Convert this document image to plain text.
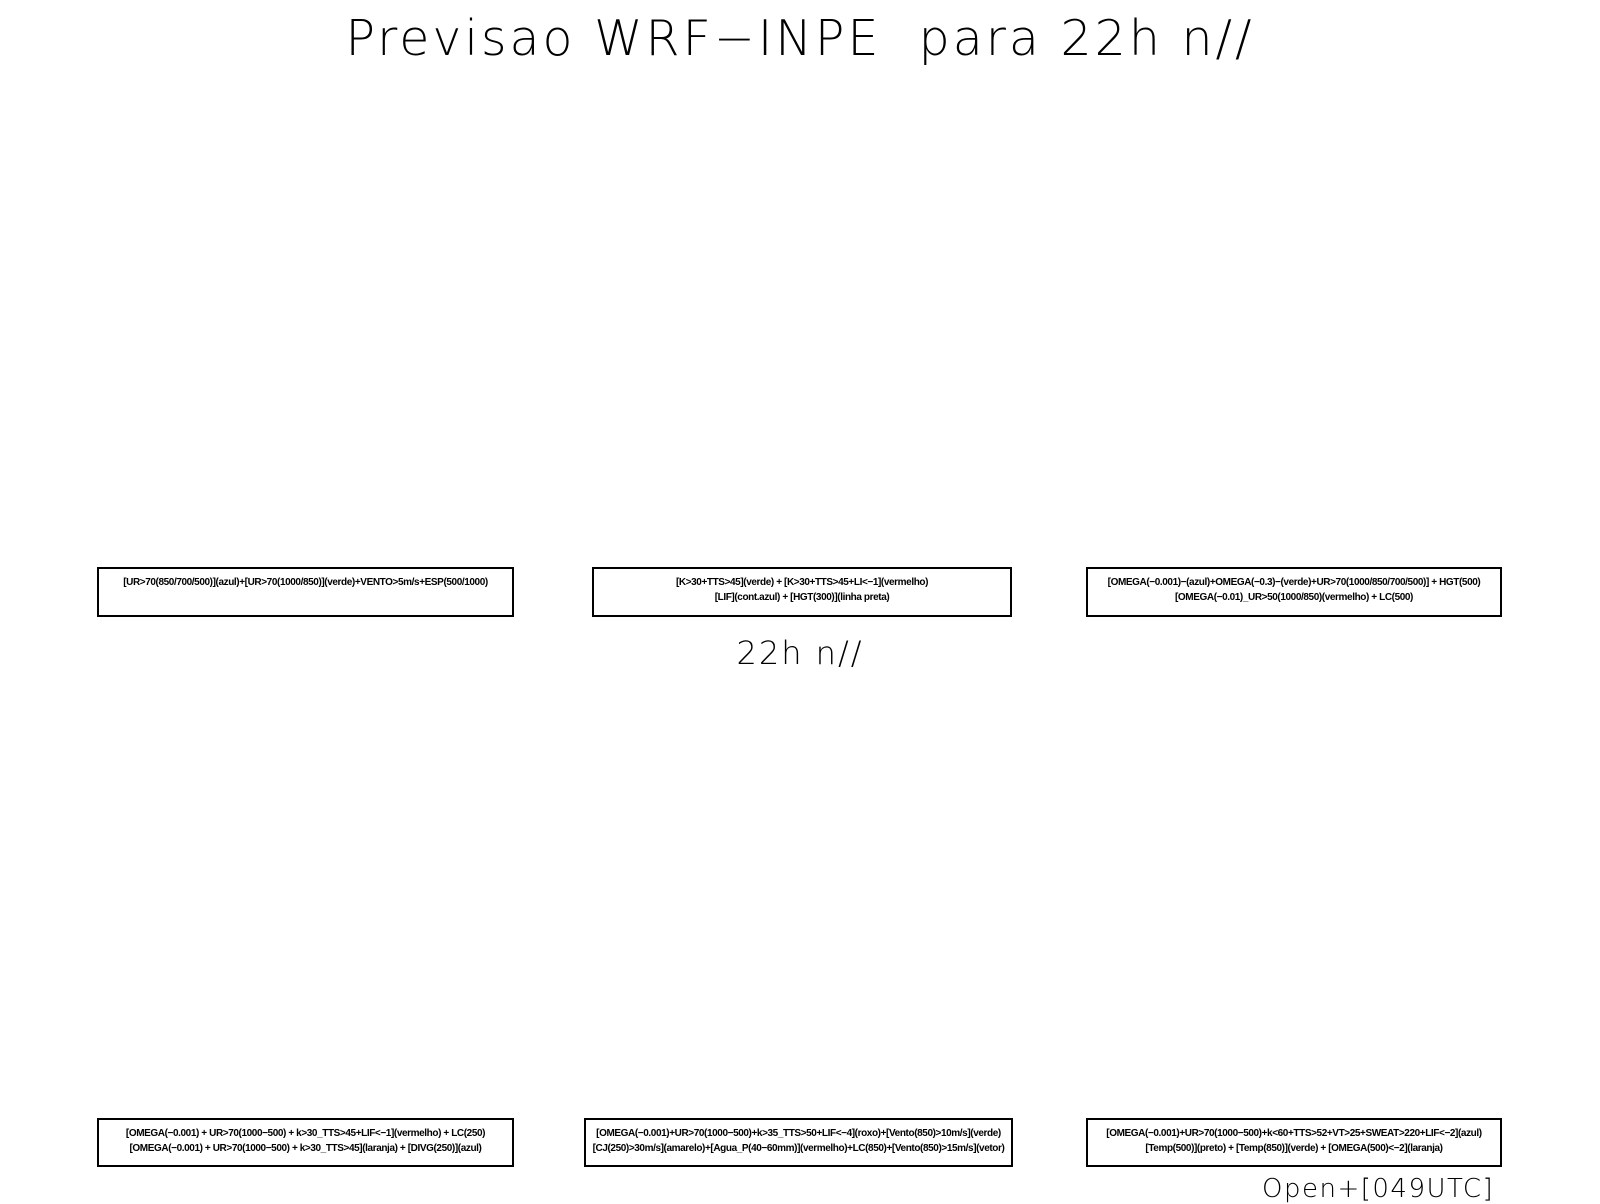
Previsao WRF−INPE  para 22h n//
[UR>70(850/700/500)](azul)+[UR>70(1000/850)](verde)+VENTO>5m/s+ESP(500/1000)	[K>30+TTS>45](verde) + [K>30+TTS>45+LI<−1](vermelho)
[LIF](cont.azul) + [HGT(300)](linha preta)
[OMEGA(−0.001)−(azul)+OMEGA(−0.3)−(verde)+UR>70(1000/850/700/500)] + HGT(500)
[OMEGA(−0.01)_UR>50(1000/850)(vermelho) + LC(500)
22h n//
[OMEGA(−0.001) + UR>70(1000−500) + k>30_TTS>45+LIF<−1](vermelho) + LC(250)
[OMEGA(−0.001) + UR>70(1000−500) + k>30_TTS>45](laranja) + [DIVG(250)](azul)
[OMEGA(−0.001)+UR>70(1000−500)+k>35_TTS>50+LIF<−4](roxo)+[Vento(850)>10m/s](verde)
[CJ(250)>30m/s](amarelo)+[Agua_P(40−60mm)](vermelho)+LC(850)+[Vento(850)>15m/s](vetor)
[OMEGA(−0.001)+UR>70(1000−500)+k<60+TTS>52+VT>25+SWEAT>220+LIF<−2](azul)
[Temp(500)](preto) + [Temp(850)](verde) + [OMEGA(500)<−2](laranja)
Open+[049UTC]
